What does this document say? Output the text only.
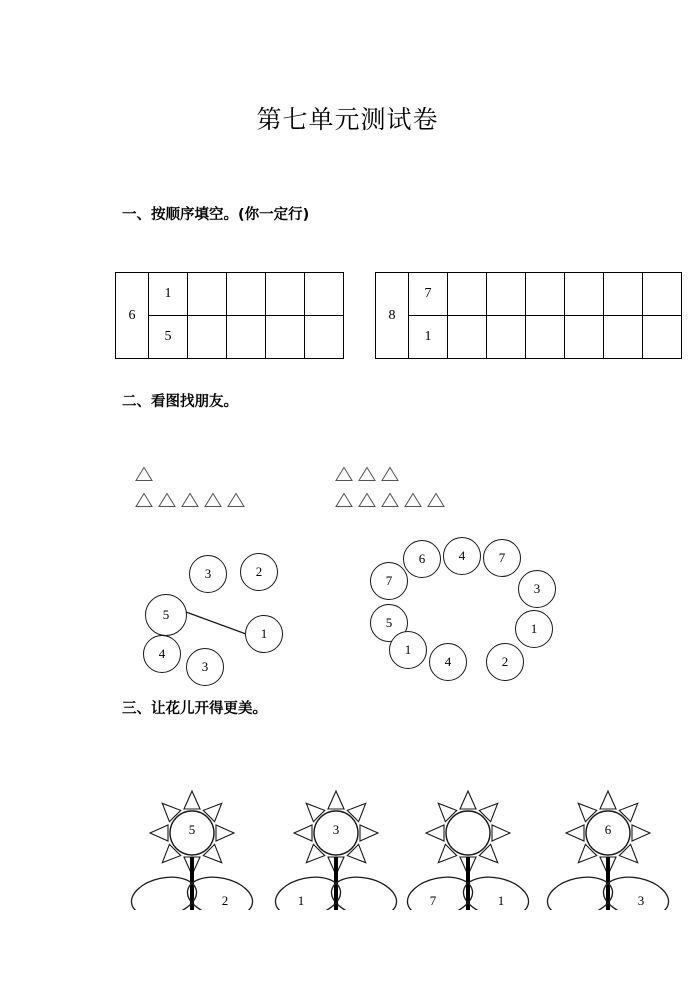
第七单元测试卷
一、按顺序填空。(你一定行)
6	1				
	5				
8	7						
	1						
二、看图找朋友。
3	2
5
1
4
3
6	4	7
7
3
5	1
1
4	2
三、让花儿开得更美。
5
2
3
1	7	1
6
3
